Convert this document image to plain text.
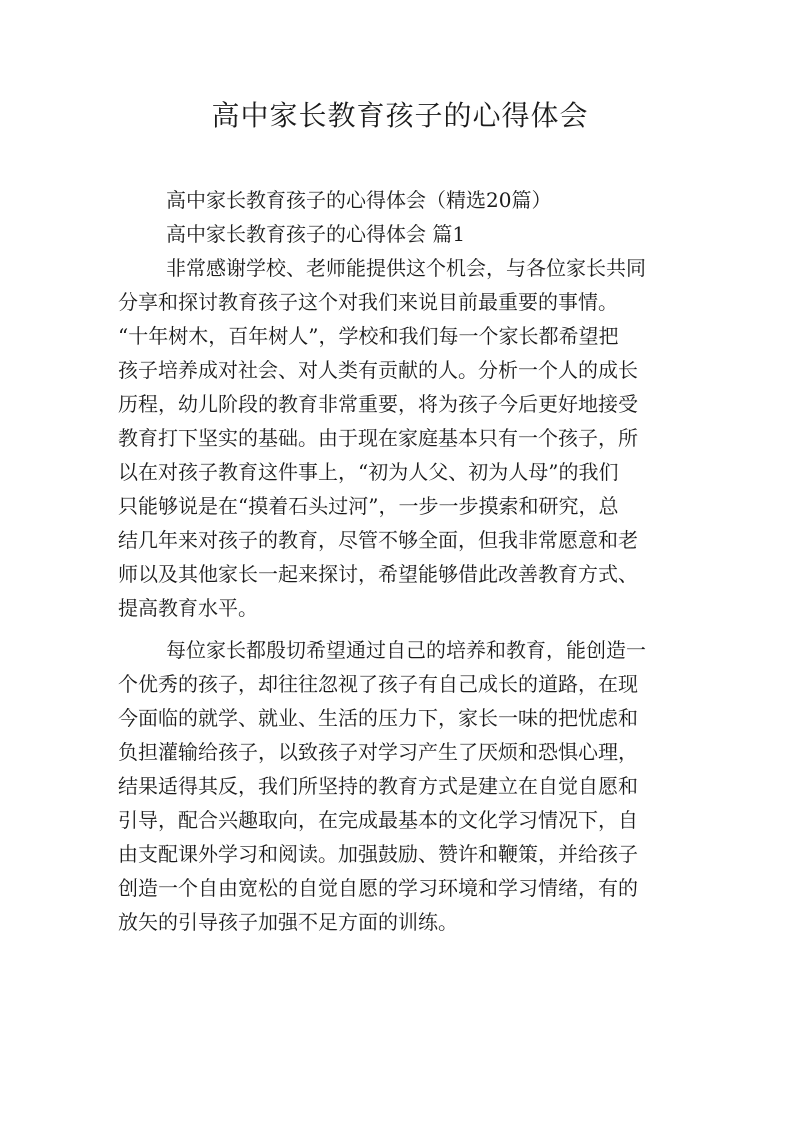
高中家长教育孩子的心得体会
高中家长教育孩子的心得体会（精选20篇）
高中家长教育孩子的心得体会 篇1
非常感谢学校、老师能提供这个机会，与各位家长共同
分享和探讨教育孩子这个对我们来说目前最重要的事情。
“十年树木，百年树人”，学校和我们每一个家长都希望把
孩子培养成对社会、对人类有贡献的人。分析一个人的成长
历程，幼儿阶段的教育非常重要，将为孩子今后更好地接受
教育打下坚实的基础。由于现在家庭基本只有一个孩子，所
以在对孩子教育这件事上，“初为人父、初为人母”的我们
只能够说是在“摸着石头过河”，一步一步摸索和研究，总
结几年来对孩子的教育，尽管不够全面，但我非常愿意和老
师以及其他家长一起来探讨，希望能够借此改善教育方式、
提高教育水平。
每位家长都殷切希望通过自己的培养和教育，能创造一
个优秀的孩子，却往往忽视了孩子有自己成长的道路，在现
今面临的就学、就业、生活的压力下，家长一味的把忧虑和
负担灌输给孩子，以致孩子对学习产生了厌烦和恐惧心理，
结果适得其反，我们所坚持的教育方式是建立在自觉自愿和
引导，配合兴趣取向，在完成最基本的文化学习情况下，自
由支配课外学习和阅读。加强鼓励、赞许和鞭策，并给孩子
创造一个自由宽松的自觉自愿的学习环境和学习情绪，有的
放矢的引导孩子加强不足方面的训练。
